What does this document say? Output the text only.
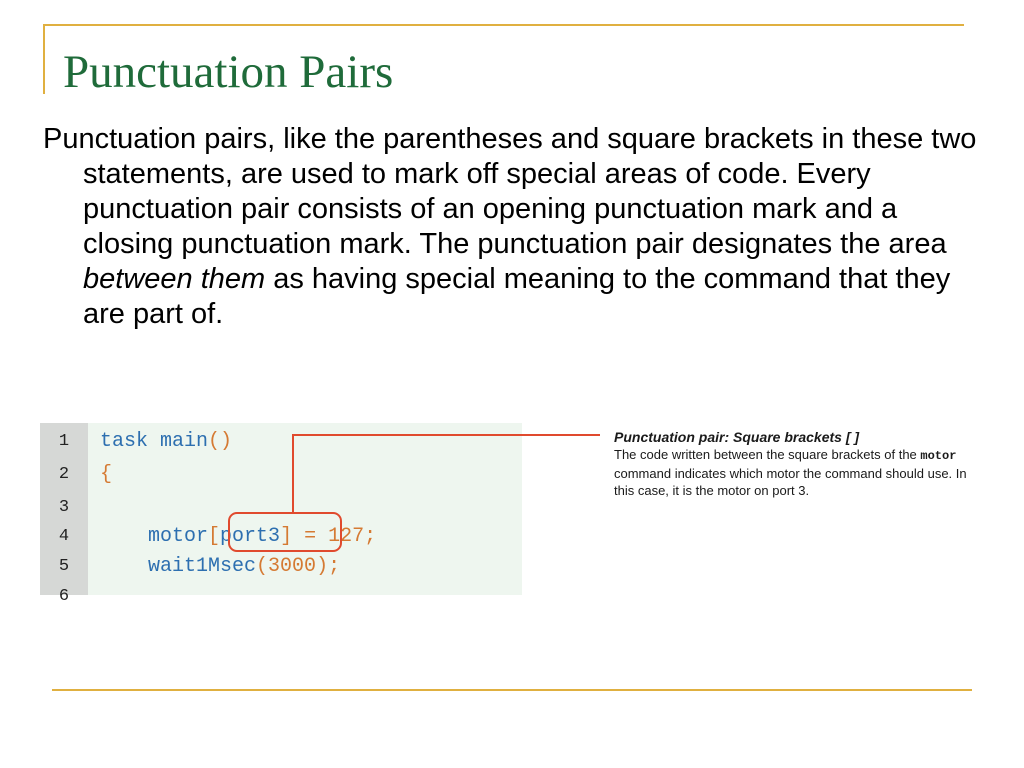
Punctuation Pairs

Punctuation pairs, like the parentheses and square brackets in these two statements, are used to mark off special areas of code. Every punctuation pair consists of an opening punctuation mark and a closing punctuation mark. The punctuation pair designates the area between them as having special meaning to the command that they are part of.

1	task main()
2	{
3
4	motor[port3] = 127;
5	wait1Msec(3000);
6

Punctuation pair: Square brackets [ ]

The code written between the square brackets of the motor command indicates which motor the command should use. In this case, it is the motor on port 3.
